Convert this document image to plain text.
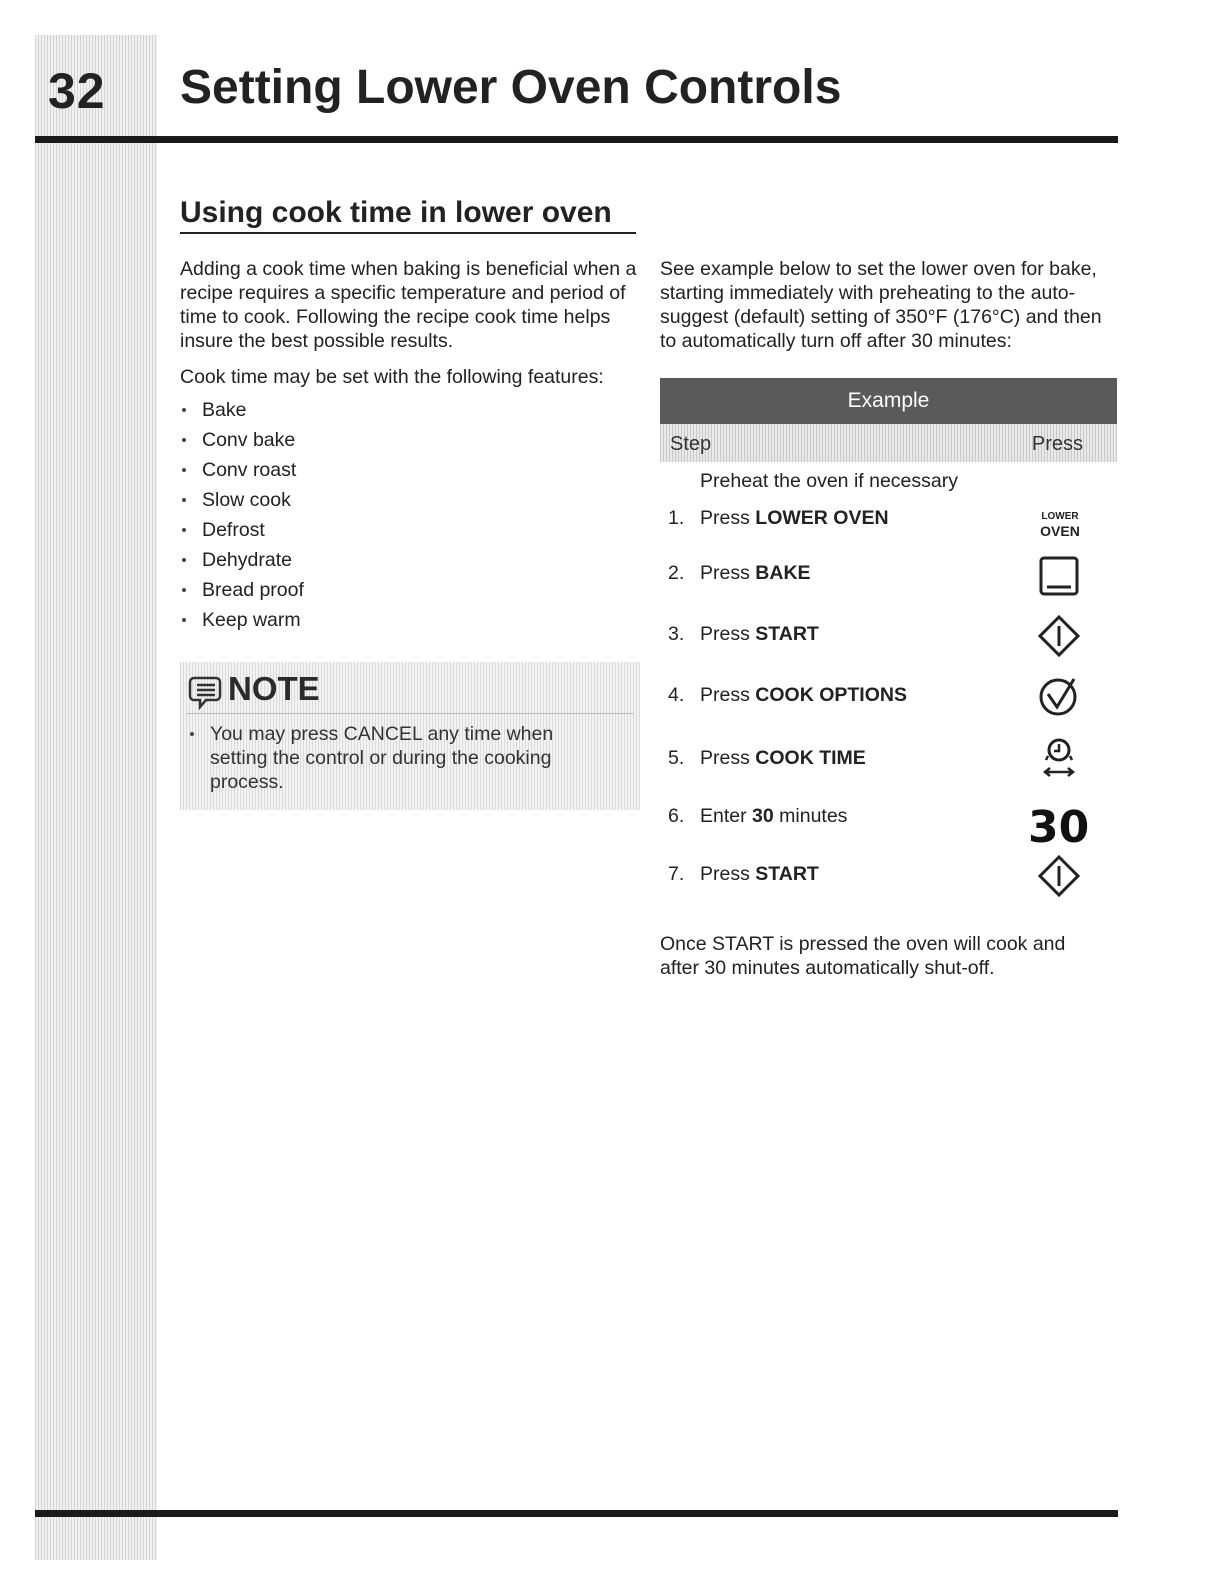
32	Setting Lower Oven Controls
Using cook time in lower oven

Adding a cook time when baking is beneficial when a recipe requires a specific temperature and period of time to cook. Following the recipe cook time helps insure the best possible results.

Cook time may be set with the following features:

Bake
Conv bake
Conv roast
Slow cook
Defrost
Dehydrate
Bread proof
Keep warm
NOTE
You may press CANCEL any time when setting the control or during the cooking process.

See example below to set the lower oven for bake, starting immediately with preheating to the auto-suggest (default) setting of 350°F (176°C) and then to automatically turn off after 30 minutes:

Example
Step	Press
Preheat the oven if necessary
1. Press LOWER OVEN
2. Press BAKE
3. Press START
4. Press COOK OPTIONS
5. Press COOK TIME
6. Enter 30 minutes
7. Press START
LOWER
OVEN
30
Once START is pressed the oven will cook and after 30 minutes automatically shut-off.
